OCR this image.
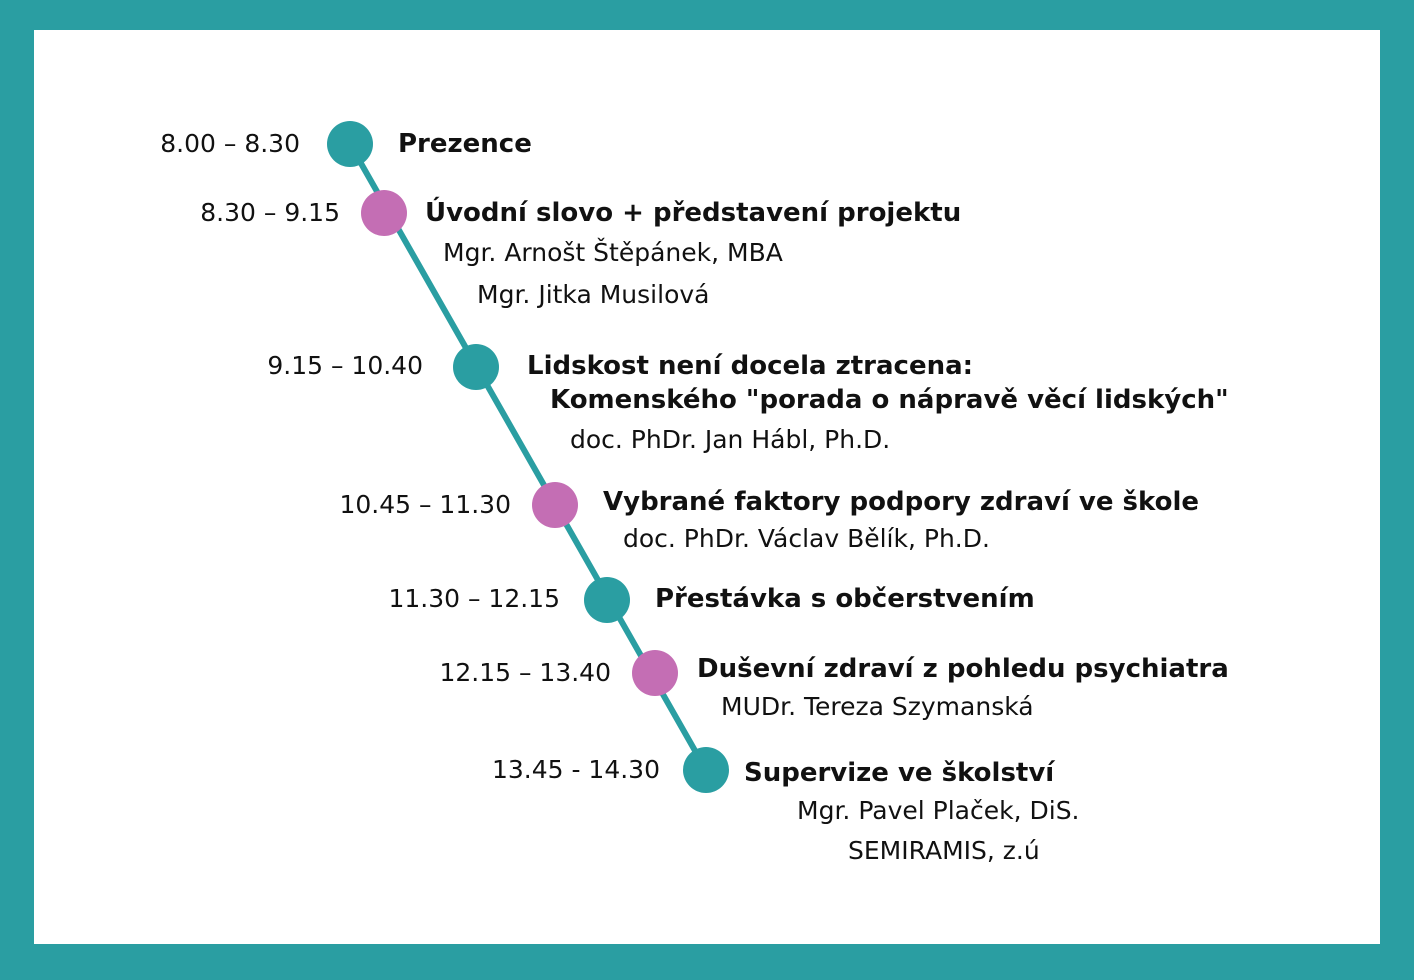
8.00 – 8.30	Prezence
8.30 – 9.15	Úvodní slovo + představení projektu
Mgr. Arnošt Štěpánek, MBA
Mgr. Jitka Musilová
9.15 – 10.40	Lidskost není docela ztracena:
Komenského "porada o nápravě věcí lidských"
doc. PhDr. Jan Hábl, Ph.D.
10.45 – 11.30	Vybrané faktory podpory zdraví ve škole
doc. PhDr. Václav Bělík, Ph.D.
11.30 – 12.15	Přestávka s občerstvením
12.15 – 13.40	Duševní zdraví z pohledu psychiatra
MUDr. Tereza Szymanská
13.45 - 14.30	Supervize ve školství
Mgr. Pavel Plaček, DiS.
SEMIRAMIS, z.ú
